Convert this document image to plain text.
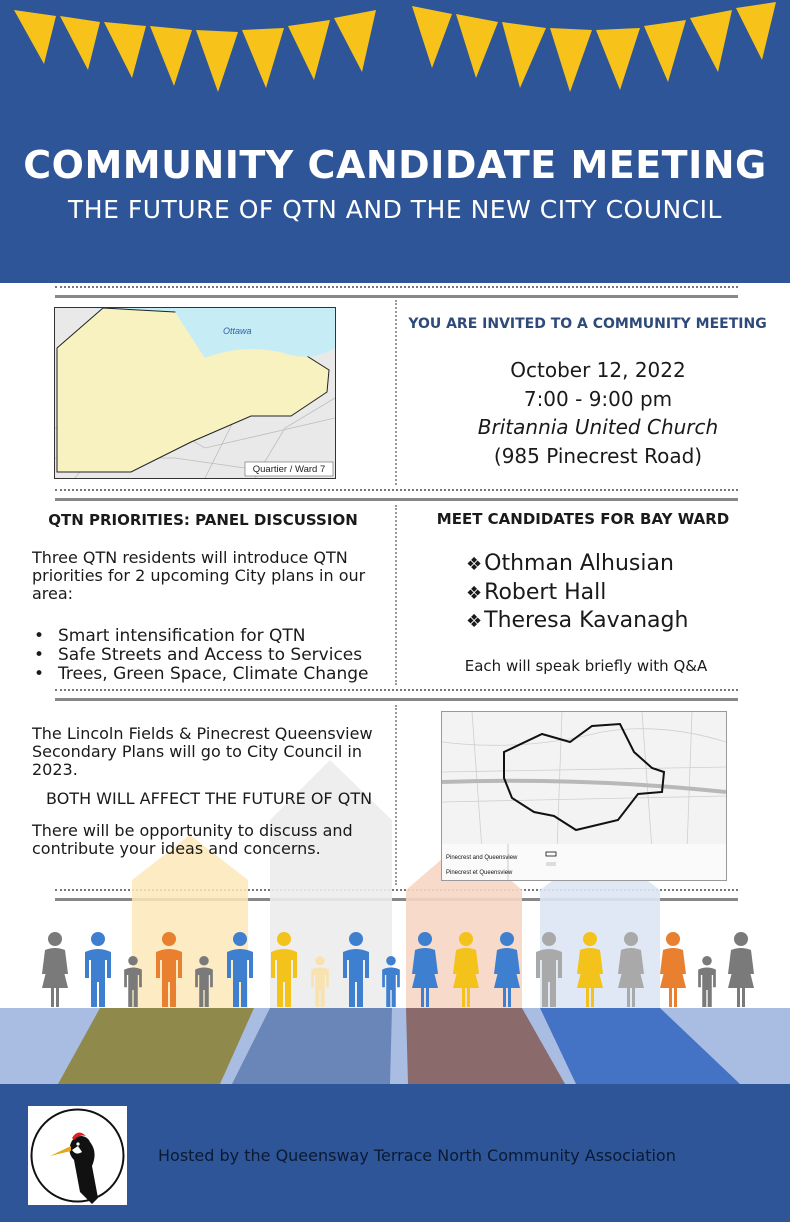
COMMUNITY CANDIDATE MEETING
THE FUTURE OF QTN AND THE NEW CITY COUNCIL
Ottawa
Quartier / Ward 7
YOU ARE INVITED TO A COMMUNITY MEETING
October 12, 2022
7:00 - 9:00 pm
Britannia United Church
(985 Pinecrest Road)
QTN PRIORITIES: PANEL DISCUSSION
Three QTN residents will introduce QTN priorities for 2 upcoming City plans in our area:
• Smart intensification for QTN
• Safe Streets and Access to Services
• Trees, Green Space, Climate Change
MEET CANDIDATES FOR BAY WARD
❖Othman Alhusian
❖Robert Hall
❖Theresa Kavanagh
Each will speak briefly with Q&A
The Lincoln Fields & Pinecrest Queensview Secondary Plans will go to City Council in 2023.
BOTH WILL AFFECT THE FUTURE OF QTN
There will be opportunity to discuss and contribute your ideas and concerns.	Pinecrest and Queensview
Pinecrest et Queensview
Hosted by the Queensway Terrace North Community Association
